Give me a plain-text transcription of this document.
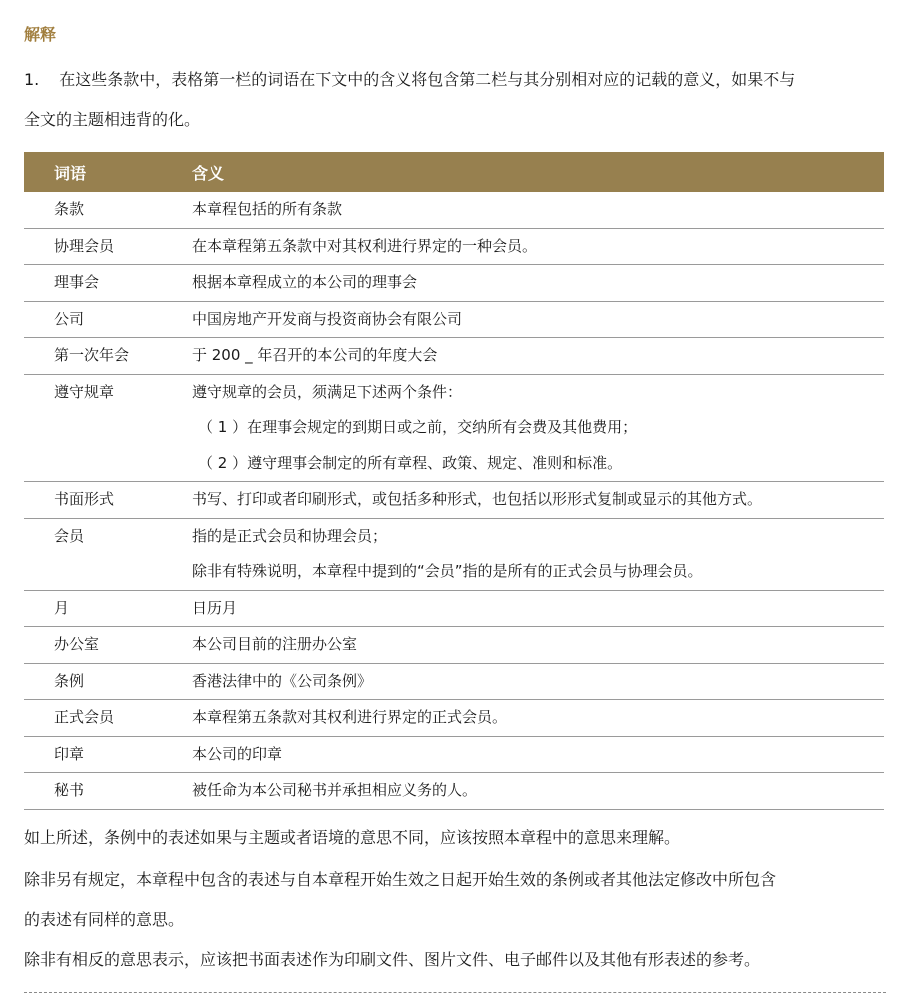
解释
1. 在这些条款中，表格第一栏的词语在下文中的含义将包含第二栏与其分别相对应的记载的意义，如果不与
全文的主题相违背的化。
词语	含义

条款	本章程包括的所有条款

协理会员	在本章程第五条款中对其权利进行界定的一种会员。

理事会	根据本章程成立的本公司的理事会

公司	中国房地产开发商与投资商协会有限公司

第一次年会	于 200 _ 年召开的本公司的年度大会

遵守规章	遵守规章的会员，须满足下述两个条件：
（ 1 ）在理事会规定的到期日或之前，交纳所有会费及其他费用；
（ 2 ）遵守理事会制定的所有章程、政策、规定、准则和标准。

书面形式	书写、打印或者印刷形式，或包括多种形式，也包括以形形式复制或显示的其他方式。

会员	指的是正式会员和协理会员；
除非有特殊说明，本章程中提到的“会员”指的是所有的正式会员与协理会员。

月	日历月

办公室	本公司目前的注册办公室

条例	香港法律中的《公司条例》

正式会员	本章程第五条款对其权利进行界定的正式会员。

印章	本公司的印章

秘书	被任命为本公司秘书并承担相应义务的人。
如上所述，条例中的表述如果与主题或者语境的意思不同，应该按照本章程中的意思来理解。
除非另有规定，本章程中包含的表述与自本章程开始生效之日起开始生效的条例或者其他法定修改中所包含
的表述有同样的意思。
除非有相反的意思表示，应该把书面表述作为印刷文件、图片文件、电子邮件以及其他有形表述的参考。
